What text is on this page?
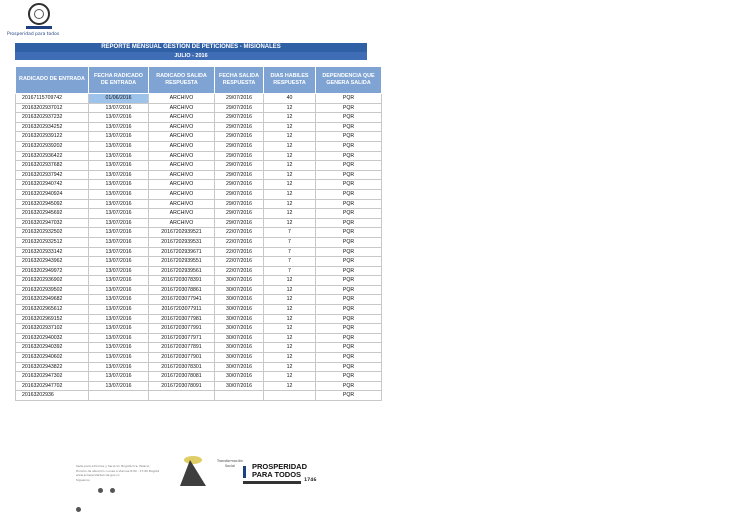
Prosperidad para todos
REPORTE MENSUAL GESTION DE PETICIONES - MISIONALES
JULIO - 2016
RADICADO DE ENTRADA	FECHA RADICADO DE ENTRADA	RADICADO SALIDA RESPUESTA	FECHA SALIDA RESPUESTA	DIAS HABILES RESPUESTA	DEPENDENCIA QUE GENERA SALIDA
20167115709742	01/06/2016	ARCHIVO	29/07/2016	40	PQR
20163202937012	13/07/2016	ARCHIVO	29/07/2016	12	PQR
20163202937232	13/07/2016	ARCHIVO	29/07/2016	12	PQR
20163202934252	13/07/2016	ARCHIVO	29/07/2016	12	PQR
20163202939122	13/07/2016	ARCHIVO	29/07/2016	12	PQR
20163202939202	13/07/2016	ARCHIVO	29/07/2016	12	PQR
20163202936422	13/07/2016	ARCHIVO	29/07/2016	12	PQR
20163202937682	13/07/2016	ARCHIVO	29/07/2016	12	PQR
20163202937942	13/07/2016	ARCHIVO	29/07/2016	12	PQR
20163202940742	13/07/2016	ARCHIVO	29/07/2016	12	PQR
20163202940924	13/07/2016	ARCHIVO	29/07/2016	12	PQR
20163202945092	13/07/2016	ARCHIVO	29/07/2016	12	PQR
20163202945692	13/07/2016	ARCHIVO	29/07/2016	12	PQR
20163202947032	13/07/2016	ARCHIVO	29/07/2016	12	PQR
20163202932502	13/07/2016	20167202939521	22/07/2016	7	PQR
20163202932512	13/07/2016	20167202939531	22/07/2016	7	PQR
20163202933142	13/07/2016	20167202939671	22/07/2016	7	PQR
20163202943962	13/07/2016	20167202939551	22/07/2016	7	PQR
20163202949972	13/07/2016	20167202939561	22/07/2016	7	PQR
20163202936902	13/07/2016	20167203078391	30/07/2016	12	PQR
20163202939502	13/07/2016	20167203078861	30/07/2016	12	PQR
20163202949682	13/07/2016	20167203077941	30/07/2016	12	PQR
20163202965612	13/07/2016	20167203077911	30/07/2016	12	PQR
20163202969152	13/07/2016	20167203077981	30/07/2016	12	PQR
20163202937102	13/07/2016	20167203077991	30/07/2016	12	PQR
20163202940032	13/07/2016	20167203077971	30/07/2016	12	PQR
20163202940392	13/07/2016	20167203077891	30/07/2016	12	PQR
20163202940602	13/07/2016	20167203077901	30/07/2016	12	PQR
20163202943822	13/07/2016	20167203078301	30/07/2016	12	PQR
20163202947302	13/07/2016	20167203078081	30/07/2016	12	PQR
20163202947702	13/07/2016	20167203078091	30/07/2016	12	PQR
20163202936					PQR
Sede para Informes y Servicio: Bogotá Cra. Palacio
Horario de atención: Lunes a Viernes 8:00 - 17:00 Bogotá
www.prosperidadsocial.gov.co
Síguenos
Transformación Social	PROSPERIDAD
PARA TODOS
1746
